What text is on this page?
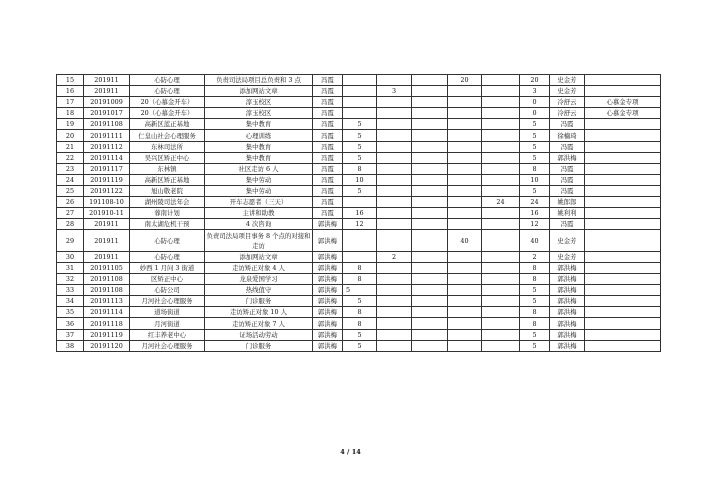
15	201911	心防心理	负责司法局项目总负责和 3 点	冯霞				20		20	史金芳	
16	201911	心防心理	添加网站文章	冯霞		3				3	史金芳	
17	20191009	20（心慕金开车）	淳玉校区	冯霞						0	冷舒云	心慕金专项
18	20191017	20（心慕金开车）	淳玉校区	冯霞						0	冷舒云	心慕金专项
19	20191108	高新区蓝正基地	集中教育	冯霞	5					5	冯霞	
20	20191111	仁皇山社会心理服务	心理训练	冯霞	5					5	徐楠琦	
21	20191112	东林司法所	集中教育	冯霞	5					5	冯霞	
22	20191114	吴兴区矫正中心	集中教育	冯霞	5					5	郭洪梅	
23	20191117	东林镇	社区走访 6 人	冯霞	8					8	冯霞	
24	20191119	高新区矫正基地	集中劳动	冯霞	10					10	冯霞	
25	20191122	旭山敬老院	集中劳动	冯霞	5					5	冯霞	
26	191108-10	湖州陵司法年会	开车志愿者（三天）	冯霞					24	24	姚郎郎	
27	201910-11	蓉南计划	主讲和助教	冯霞	16					16	姚利利	
28	201911	南太湖危机干预	4 次咨询	郭洪梅	12					12	冯霞	
29	201911	心防心理	负责司法局项目事务 8 个点的对接和走访	郭洪梅				40		40	史金芳	
30	201911	心防心理	添加网站文章	郭洪梅		2				2	史金芳	
31	20191105	妙西 1 月问 3 街道	走访矫正对象 4 人	郭洪梅	8					8	郭洪梅	
32	20191108	区矫正中心	龙泉爱国学习	郭洪梅	8					8	郭洪梅	
33	20191108	心防公司	热线值守	郭洪梅	5					5	郭洪梅	
34	20191113	月河社会心理服务	门诊服务	郭洪梅	5					5	郭洪梅	
35	20191114	道场街道	走访矫正对象 10 人	郭洪梅	8					8	郭洪梅	
36	20191118	月河街道	走访矫正对象 7 人	郭洪梅	8					8	郭洪梅	
37	20191119	红丰养老中心	证场活动劳动	郭洪梅	5					5	郭洪梅	
38	20191120	月河社会心理服务	门诊服务	郭洪梅	5					5	郭洪梅	
4 / 14
